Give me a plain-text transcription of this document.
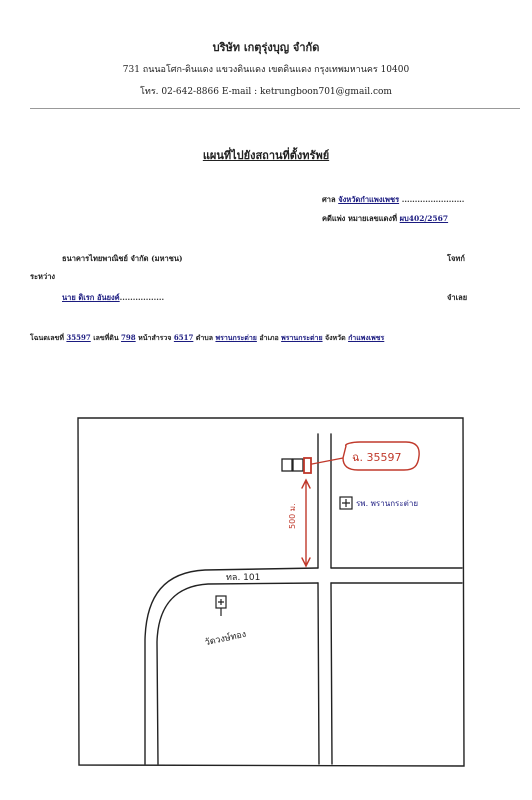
บริษัท เกตุรุ่งบุญ จำกัด
731 ถนนอโศก-ดินแดง แขวงดินแดง เขตดินแดง กรุงเทพมหานคร 10400
โทร. 02-642-8866 E-mail : ketrungboon701@gmail.com
แผนที่ไปยังสถานที่ตั้งทรัพย์
ศาล จังหวัดกำแพงเพชร ........................
คดีแพ่ง หมายเลขแดงที่ ผบ402/2567
ธนาคารไทยพาณิชย์ จำกัด (มหาชน)	โจทก์
ระหว่าง
นาย ดิเรก อันยงค์.................	จำเลย
โฉนดเลขที่ 35597 เลขที่ดิน 798 หน้าสำรวจ 6517 ตำบล พรานกระต่าย อำเภอ พรานกระต่าย จังหวัด กำแพงเพชร
ฉ. 35597
500 ม.	รพ. พรานกระต่าย
ทล. 101
วัดวงษ์ทอง
